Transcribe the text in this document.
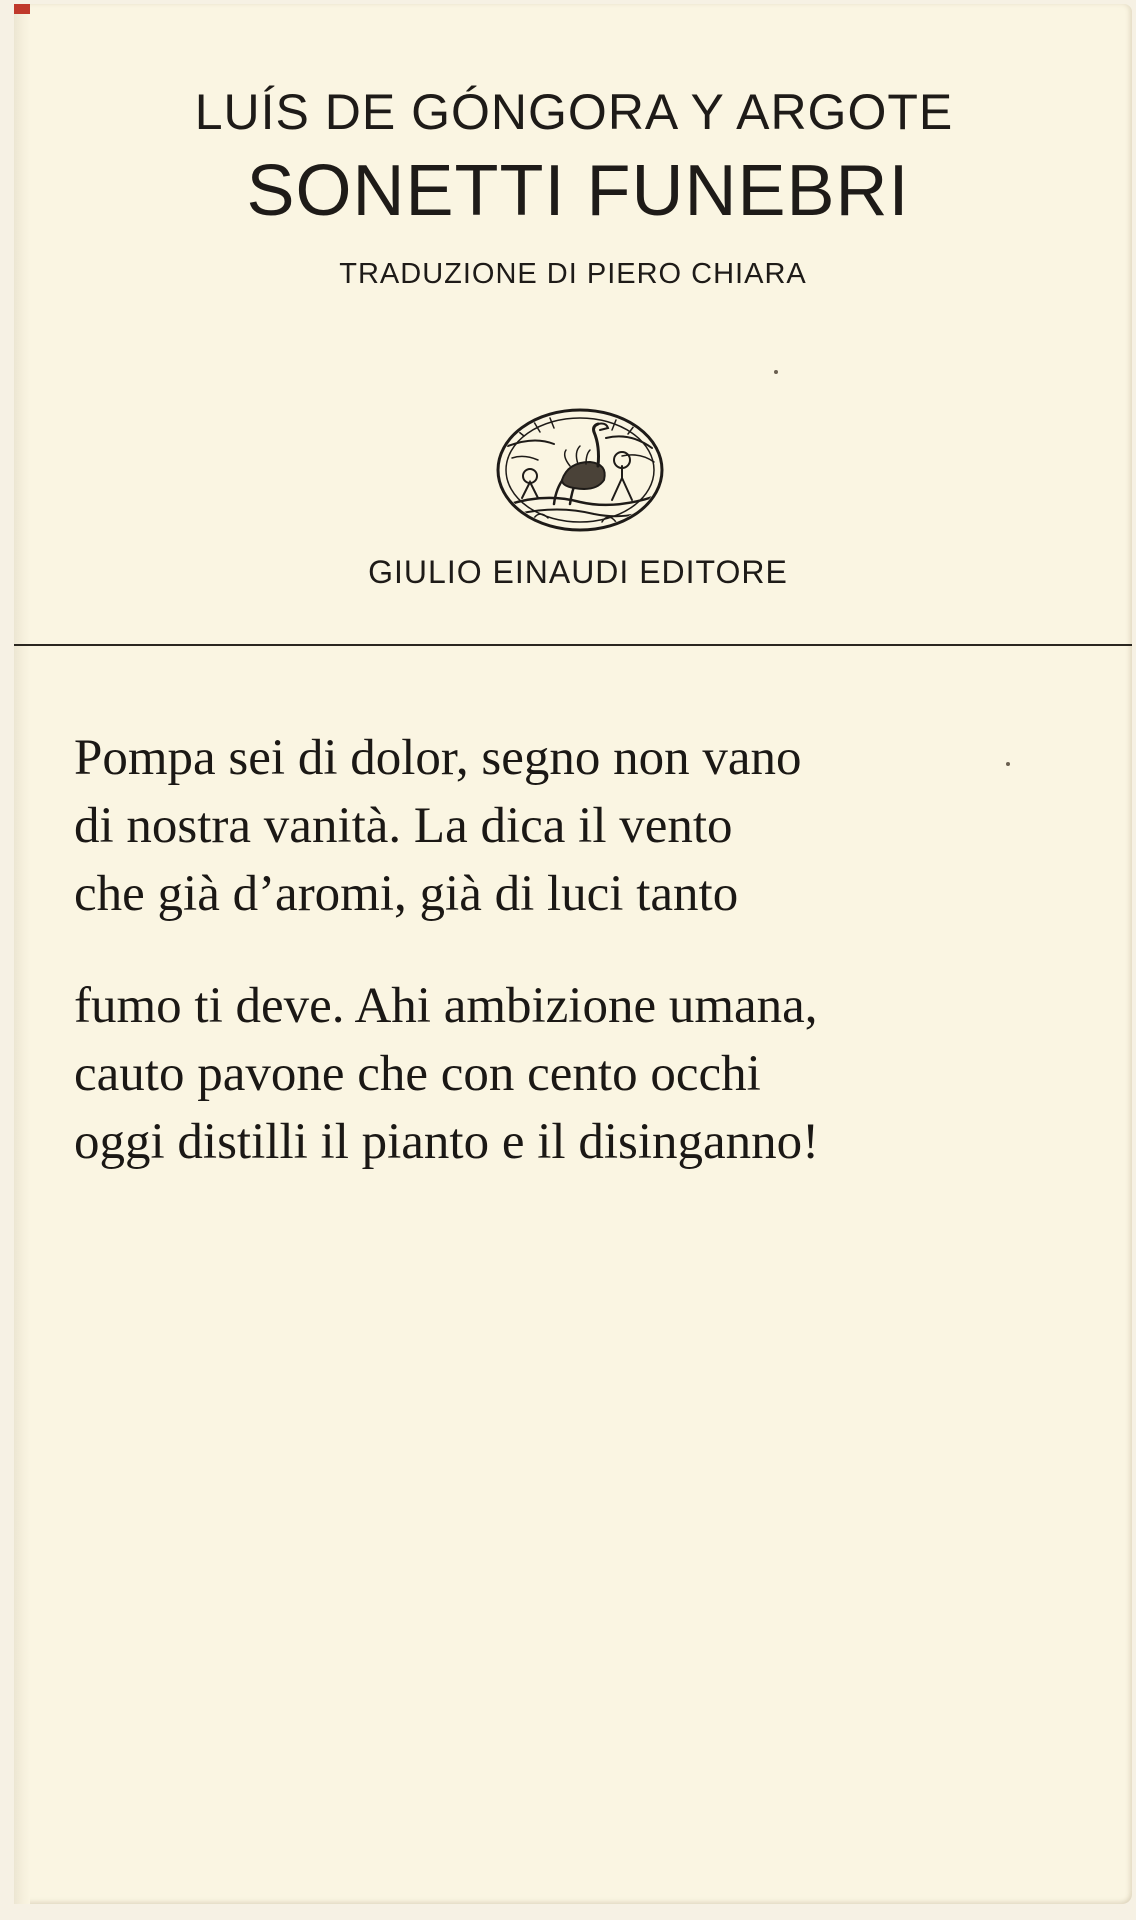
LUÍS DE GÓNGORA Y ARGOTE

SONETTI FUNEBRI

TRADUZIONE DI PIERO CHIARA

GIULIO EINAUDI EDITORE
Pompa sei di dolor, segno non vano
di nostra vanità. La dica il vento
che già d’aromi, già di luci tanto
fumo ti deve. Ahi ambizione umana,
cauto pavone che con cento occhi
oggi distilli il pianto e il disinganno!
